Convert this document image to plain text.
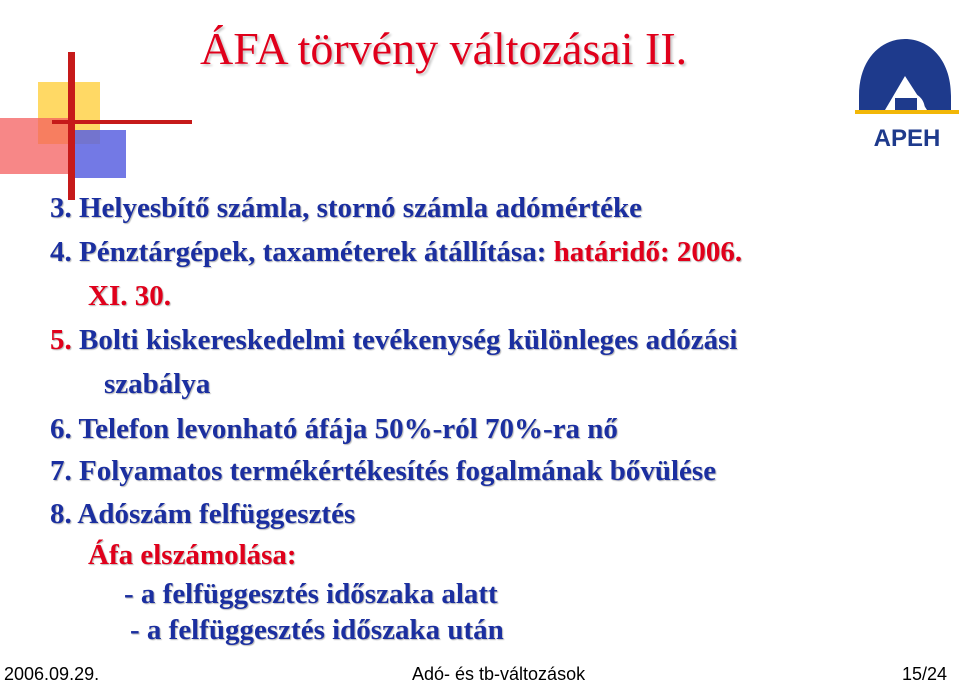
ÁFA törvény változásai II.
APEH
3. Helyesbítő számla, stornó számla adómértéke
4. Pénztárgépek, taxaméterek átállítása: határidő: 2006.
XI. 30.
5. Bolti kiskereskedelmi tevékenység különleges adózási
szabálya
6. Telefon levonható áfája 50%-ról 70%-ra nő
7. Folyamatos termékértékesítés fogalmának bővülése
8. Adószám felfüggesztés
Áfa elszámolása:
- a felfüggesztés időszaka alatt
- a felfüggesztés időszaka után
2006.09.29.	Adó- és tb-változások	15/24
